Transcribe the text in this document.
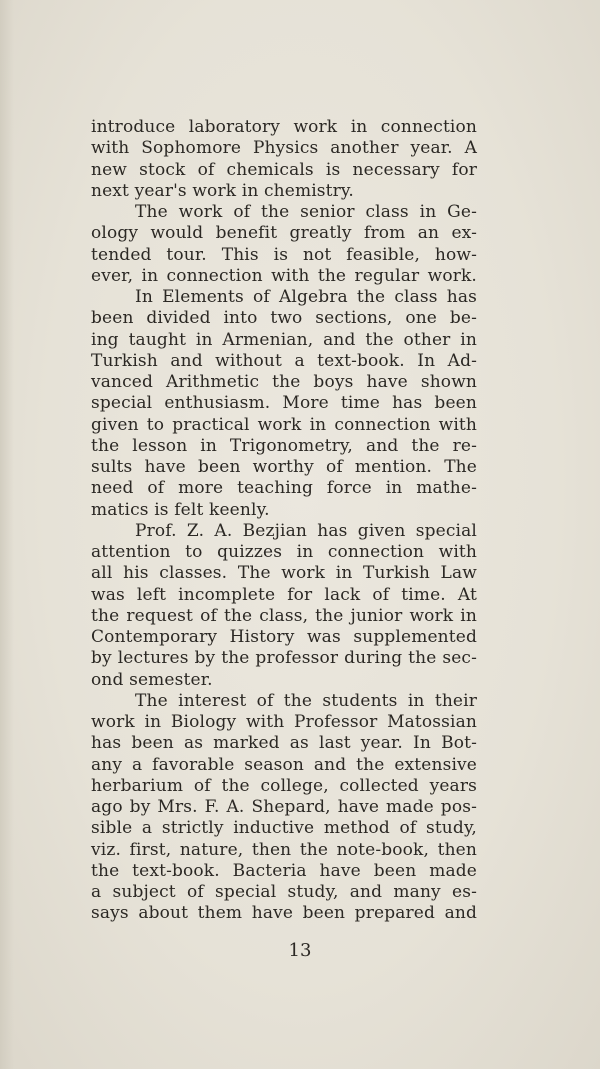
introduce laboratory work in connection
with Sophomore Physics another year. A
new stock of chemicals is necessary for
next year's work in chemistry.
The work of the senior class in Ge-
ology would benefit greatly from an ex-
tended tour. This is not feasible, how-
ever, in connection with the regular work.
In Elements of Algebra the class has
been divided into two sections, one be-
ing taught in Armenian, and the other in
Turkish and without a text-book. In Ad-
vanced Arithmetic the boys have shown
special enthusiasm. More time has been
given to practical work in connection with
the lesson in Trigonometry, and the re-
sults have been worthy of mention. The
need of more teaching force in mathe-
matics is felt keenly.
Prof. Z. A. Bezjian has given special
attention to quizzes in connection with
all his classes. The work in Turkish Law
was left incomplete for lack of time. At
the request of the class, the junior work in
Contemporary History was supplemented
by lectures by the professor during the sec-
ond semester.
The interest of the students in their
work in Biology with Professor Matossian
has been as marked as last year. In Bot-
any a favorable season and the extensive
herbarium of the college, collected years
ago by Mrs. F. A. Shepard, have made pos-
sible a strictly inductive method of study,
viz. first, nature, then the note-book, then
the text-book. Bacteria have been made
a subject of special study, and many es-
says about them have been prepared and
13
